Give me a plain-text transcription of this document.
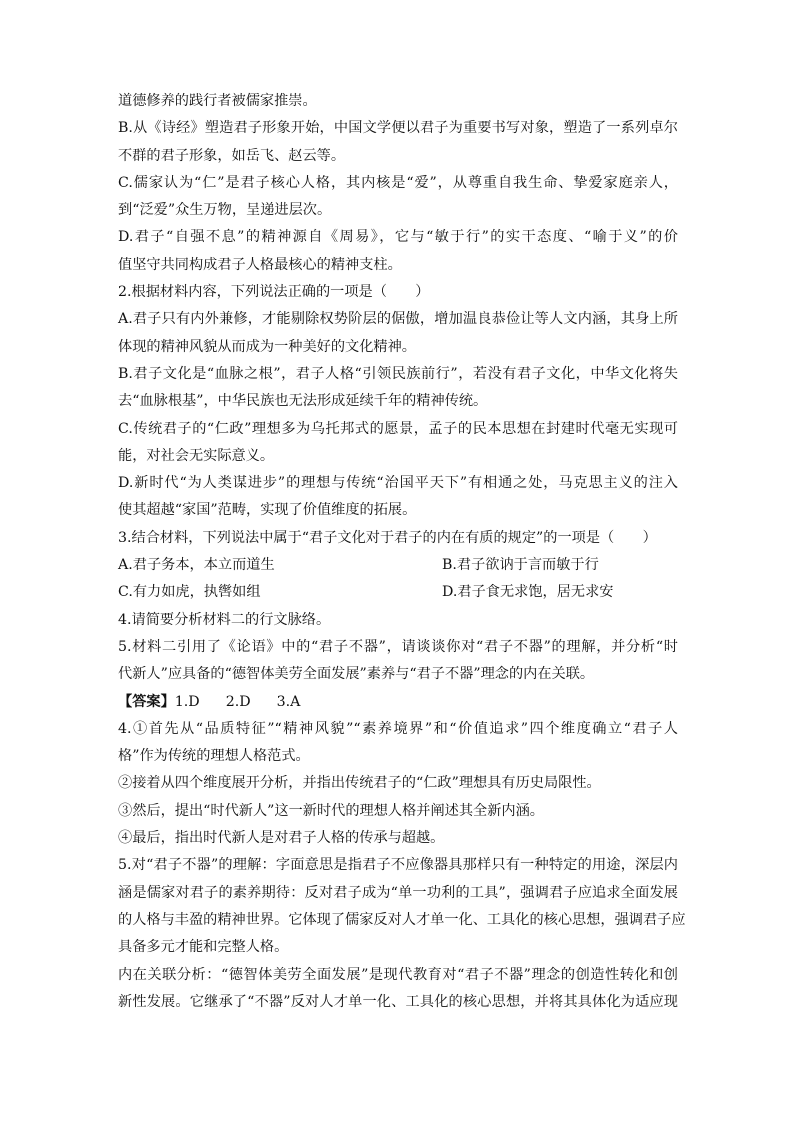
道德修养的践行者被儒家推崇。
B.从《诗经》塑造君子形象开始，中国文学便以君子为重要书写对象，塑造了一系列卓尔
不群的君子形象，如岳飞、赵云等。
C.儒家认为“仁”是君子核心人格，其内核是“爱”，从尊重自我生命、挚爱家庭亲人，
到“泛爱”众生万物，呈递进层次。
D.君子“自强不息”的精神源自《周易》，它与“敏于行”的实干态度、“喻于义”的价
值坚守共同构成君子人格最核心的精神支柱。
2.根据材料内容，下列说法正确的一项是（　　）
A.君子只有内外兼修，才能剔除权势阶层的倨傲，增加温良恭俭让等人文内涵，其身上所
体现的精神风貌从而成为一种美好的文化精神。
B.君子文化是“血脉之根”，君子人格“引领民族前行”，若没有君子文化，中华文化将失
去“血脉根基”，中华民族也无法形成延续千年的精神传统。
C.传统君子的“仁政”理想多为乌托邦式的愿景，孟子的民本思想在封建时代毫无实现可
能，对社会无实际意义。
D.新时代“为人类谋进步”的理想与传统“治国平天下”有相通之处，马克思主义的注入
使其超越“家国”范畴，实现了价值维度的拓展。
3.结合材料，下列说法中属于“君子文化对于君子的内在有质的规定”的一项是（　　）
A.君子务本，本立而道生	B.君子欲讷于言而敏于行
C.有力如虎，执辔如组	D.君子食无求饱，居无求安
4.请简要分析材料二的行文脉络。
5.材料二引用了《论语》中的“君子不器”，请谈谈你对“君子不器”的理解，并分析“时
代新人”应具备的“德智体美劳全面发展”素养与“君子不器”理念的内在关联。
【答案】1.D 2.D 3.A
4.①首先从“品质特征”“精神风貌”“素养境界”和“价值追求”四个维度确立“君子人
格”作为传统的理想人格范式。
②接着从四个维度展开分析，并指出传统君子的“仁政”理想具有历史局限性。
③然后，提出“时代新人”这一新时代的理想人格并阐述其全新内涵。
④最后，指出时代新人是对君子人格的传承与超越。
5.对“君子不器”的理解：字面意思是指君子不应像器具那样只有一种特定的用途，深层内
涵是儒家对君子的素养期待：反对君子成为“单一功利的工具”，强调君子应追求全面发展
的人格与丰盈的精神世界。它体现了儒家反对人才单一化、工具化的核心思想，强调君子应
具备多元才能和完整人格。
内在关联分析：“德智体美劳全面发展”是现代教育对“君子不器”理念的创造性转化和创
新性发展。它继承了“不器”反对人才单一化、工具化的核心思想，并将其具体化为适应现
